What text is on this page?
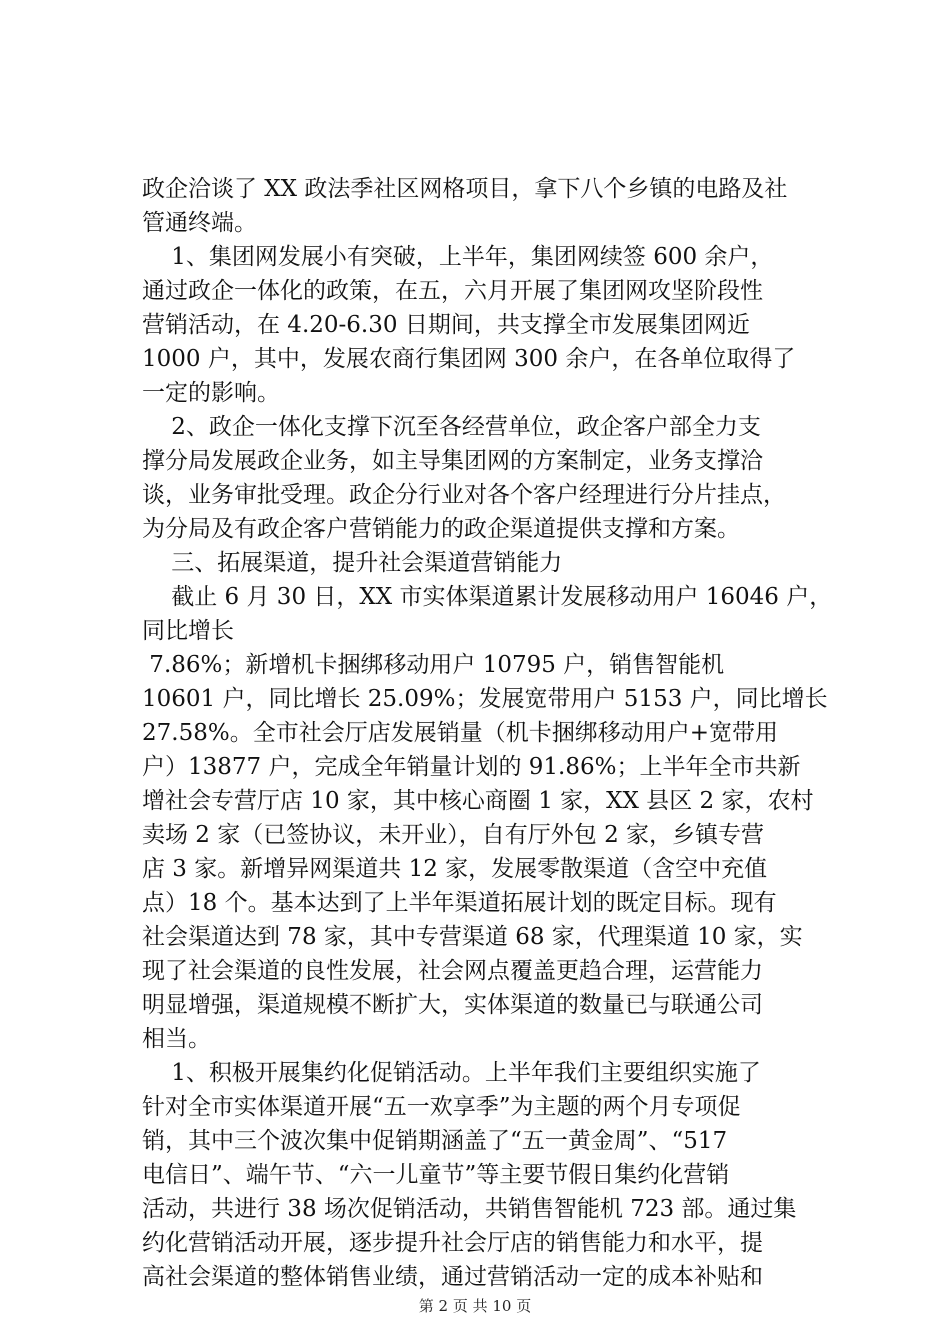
政企洽谈了 XX 政法季社区网格项目，拿下八个乡镇的电路及社
管通终端。
1、集团网发展小有突破，上半年，集团网续签 600 余户，
通过政企一体化的政策，在五，六月开展了集团网攻坚阶段性
营销活动，在 4.20-6.30 日期间，共支撑全市发展集团网近
1000 户，其中，发展农商行集团网 300 余户，在各单位取得了
一定的影响。
2、政企一体化支撑下沉至各经营单位，政企客户部全力支
撑分局发展政企业务，如主导集团网的方案制定，业务支撑洽
谈，业务审批受理。政企分行业对各个客户经理进行分片挂点，
为分局及有政企客户营销能力的政企渠道提供支撑和方案。
三、拓展渠道，提升社会渠道营销能力
截止 6 月 30 日，XX 市实体渠道累计发展移动用户 16046 户，
同比增长
7.86%；新增机卡捆绑移动用户 10795 户，销售智能机
10601 户，同比增长 25.09%；发展宽带用户 5153 户，同比增长
27.58%。全市社会厅店发展销量（机卡捆绑移动用户+宽带用
户）13877 户，完成全年销量计划的 91.86%；上半年全市共新
增社会专营厅店 10 家，其中核心商圈 1 家，XX 县区 2 家，农村
卖场 2 家（已签协议，未开业），自有厅外包 2 家，乡镇专营
店 3 家。新增异网渠道共 12 家，发展零散渠道（含空中充值
点）18 个。基本达到了上半年渠道拓展计划的既定目标。现有
社会渠道达到 78 家，其中专营渠道 68 家，代理渠道 10 家，实
现了社会渠道的良性发展，社会网点覆盖更趋合理，运营能力
明显增强，渠道规模不断扩大，实体渠道的数量已与联通公司
相当。
1、积极开展集约化促销活动。上半年我们主要组织实施了
针对全市实体渠道开展“五一欢享季”为主题的两个月专项促
销，其中三个波次集中促销期涵盖了“五一黄金周”、“517
电信日”、端午节、“六一儿童节”等主要节假日集约化营销
活动，共进行 38 场次促销活动，共销售智能机 723 部。通过集
约化营销活动开展，逐步提升社会厅店的销售能力和水平，提
高社会渠道的整体销售业绩，通过营销活动一定的成本补贴和
第 2 页 共 10 页
